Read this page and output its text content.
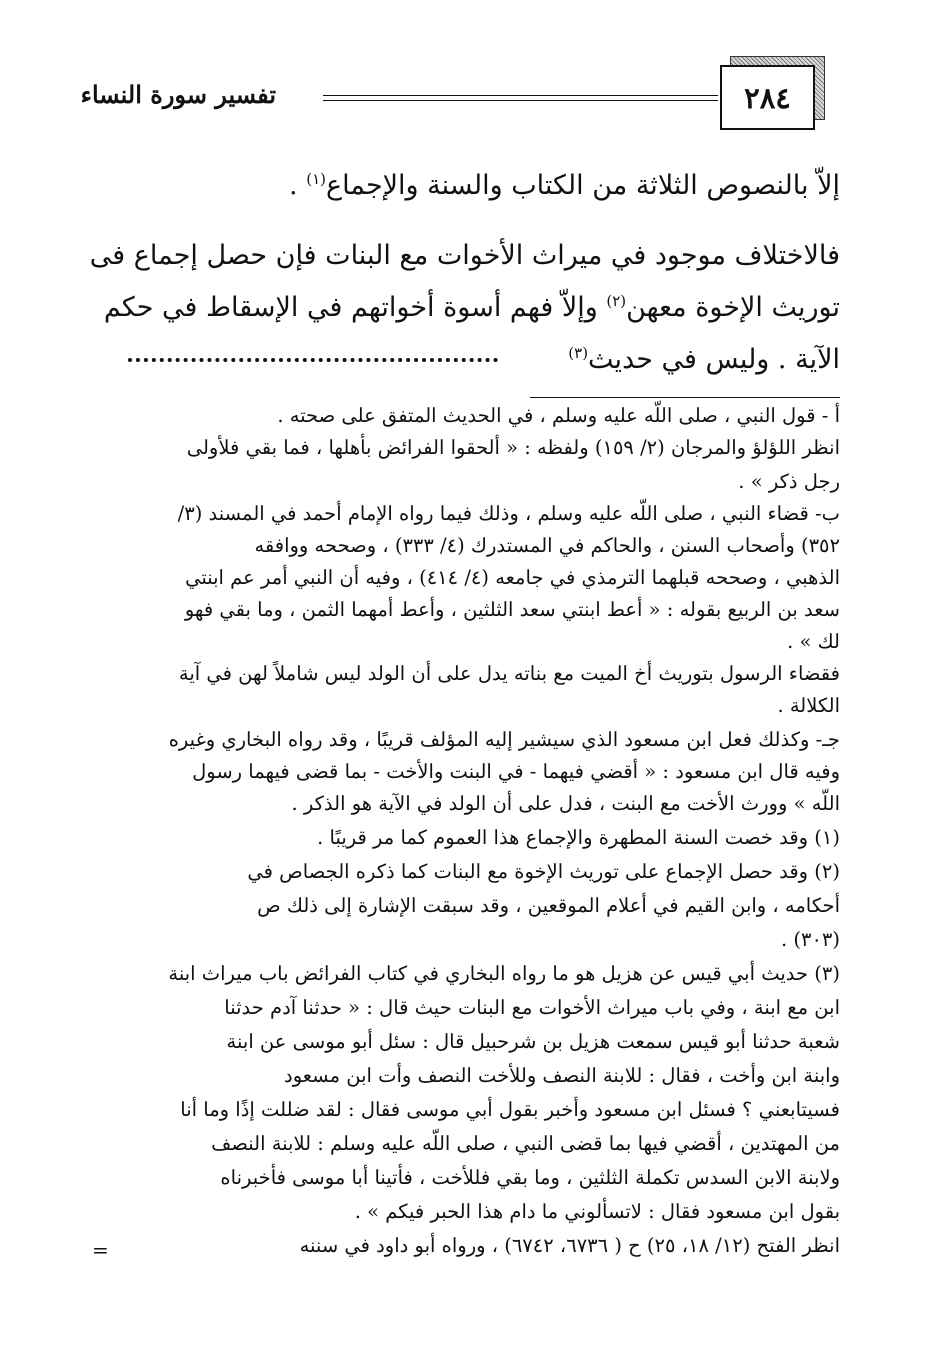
٢٨٤
تفسير سورة النساء
إلاّ بالنصوص الثلاثة من الكتاب والسنة والإجماع$^{(١)}$ .
فالاختلاف موجود في ميراث الأخوات مع البنات فإن حصل إجماع فى
توريث الإخوة معهن$^{(٢)}$ وإلاّ فهم أسوة أخواتهم في الإسقاط في حكم
الآية . وليس في حديث$^{(٣)}$
أ - قول النبي ، صلى اللّه عليه وسلم ، في الحديث المتفق على صحته .
انظر اللؤلؤ والمرجان (٢/ ١٥٩) ولفظه : « ألحقوا الفرائض بأهلها ، فما بقي فلأولى
رجل ذكر » .
ب- قضاء النبي ، صلى اللّه عليه وسلم ، وذلك فيما رواه الإمام أحمد في المسند (٣/
٣٥٢) وأصحاب السنن ، والحاكم في المستدرك (٤/ ٣٣٣) ، وصححه ووافقه
الذهبي ، وصححه قبلهما الترمذي في جامعه (٤/ ٤١٤) ، وفيه أن النبي أمر عم ابنتي
سعد بن الربيع بقوله : « أعط ابنتي سعد الثلثين ، وأعط أمهما الثمن ، وما بقي فهو
لك » .
فقضاء الرسول بتوريث أخ الميت مع بناته يدل على أن الولد ليس شاملاً لهن في آية
الكلالة .
جـ- وكذلك فعل ابن مسعود الذي سيشير إليه المؤلف قريبًا ، وقد رواه البخاري وغيره
وفيه قال ابن مسعود : « أقضي فيهما - في البنت والأخت - بما قضى فيهما رسول
اللّه » وورث الأخت مع البنت ، فدل على أن الولد في الآية هو الذكر .
(١) وقد خصت السنة المطهرة والإجماع هذا العموم كما مر قريبًا .
(٢) وقد حصل الإجماع على توريث الإخوة مع البنات كما ذكره الجصاص في
أحكامه ، وابن القيم في أعلام الموقعين ، وقد سبقت الإشارة إلى ذلك ص
(٣٠٣) .
(٣) حديث أبي قيس عن هزيل هو ما رواه البخاري في كتاب الفرائض باب ميراث ابنة
ابن مع ابنة ، وفي باب ميراث الأخوات مع البنات حيث قال : « حدثنا آدم حدثنا
شعبة حدثنا أبو قيس سمعت هزيل بن شرحبيل قال : سئل أبو موسى عن ابنة
وابنة ابن وأخت ، فقال : للابنة النصف وللأخت النصف وأت ابن مسعود
فسيتابعني ؟ فسئل ابن مسعود وأخبر بقول أبي موسى فقال : لقد ضللت إذًا وما أنا
من المهتدين ، أقضي فيها بما قضى النبي ، صلى اللّه عليه وسلم : للابنة النصف
ولابنة الابن السدس تكملة الثلثين ، وما بقي فللأخت ، فأتينا أبا موسى فأخبرناه
بقول ابن مسعود فقال : لاتسألوني ما دام هذا الحبر فيكم » .
انظر الفتح (١٢/ ١٨، ٢٥) ح ( ٦٧٣٦، ٦٧٤٢) ، ورواه أبو داود في سننه
=
